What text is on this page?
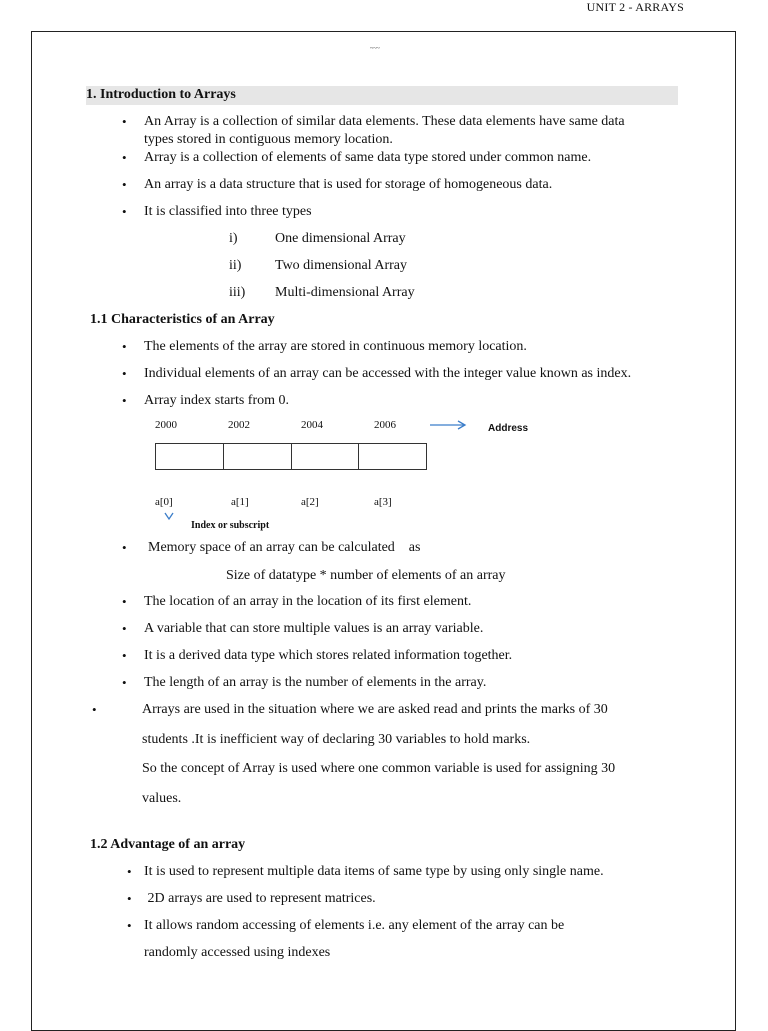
UNIT 2 - ARRAYS
~~~
1. Introduction to Arrays
• An Array is a collection of similar data elements. These data elements have same data
types stored in contiguous memory location.
• Array is a collection of elements of same data type stored under common name.
• An array is a data structure that is used for storage of homogeneous data.
• It is classified into three types
i)	One dimensional Array
ii) Two dimensional Array
iii) Multi-dimensional Array
1.1 Characteristics of an Array
• The elements of the array are stored in continuous memory location.
• Individual elements of an array can be accessed with the integer value known as index.
• Array index starts from 0.
2000	2002	2004	2006	Address
a[0]	a[1]	a[2]	a[3]
Index or subscript
• Memory space of an array can be calculated    as
Size of datatype * number of elements of an array
• The location of an array in the location of its first element.
• A variable that can store multiple values is an array variable.
• It is a derived data type which stores related information together.
• The length of an array is the number of elements in the array.
•	Arrays are used in the situation where we are asked read and prints the marks of 30
students .It is inefficient way of declaring 30 variables to hold marks.
So the concept of Array is used where one common variable is used for assigning 30
values.
1.2 Advantage of an array
• It is used to represent multiple data items of same type by using only single name.
• 2D arrays are used to represent matrices.
• It allows random accessing of elements i.e. any element of the array can be
randomly accessed using indexes
